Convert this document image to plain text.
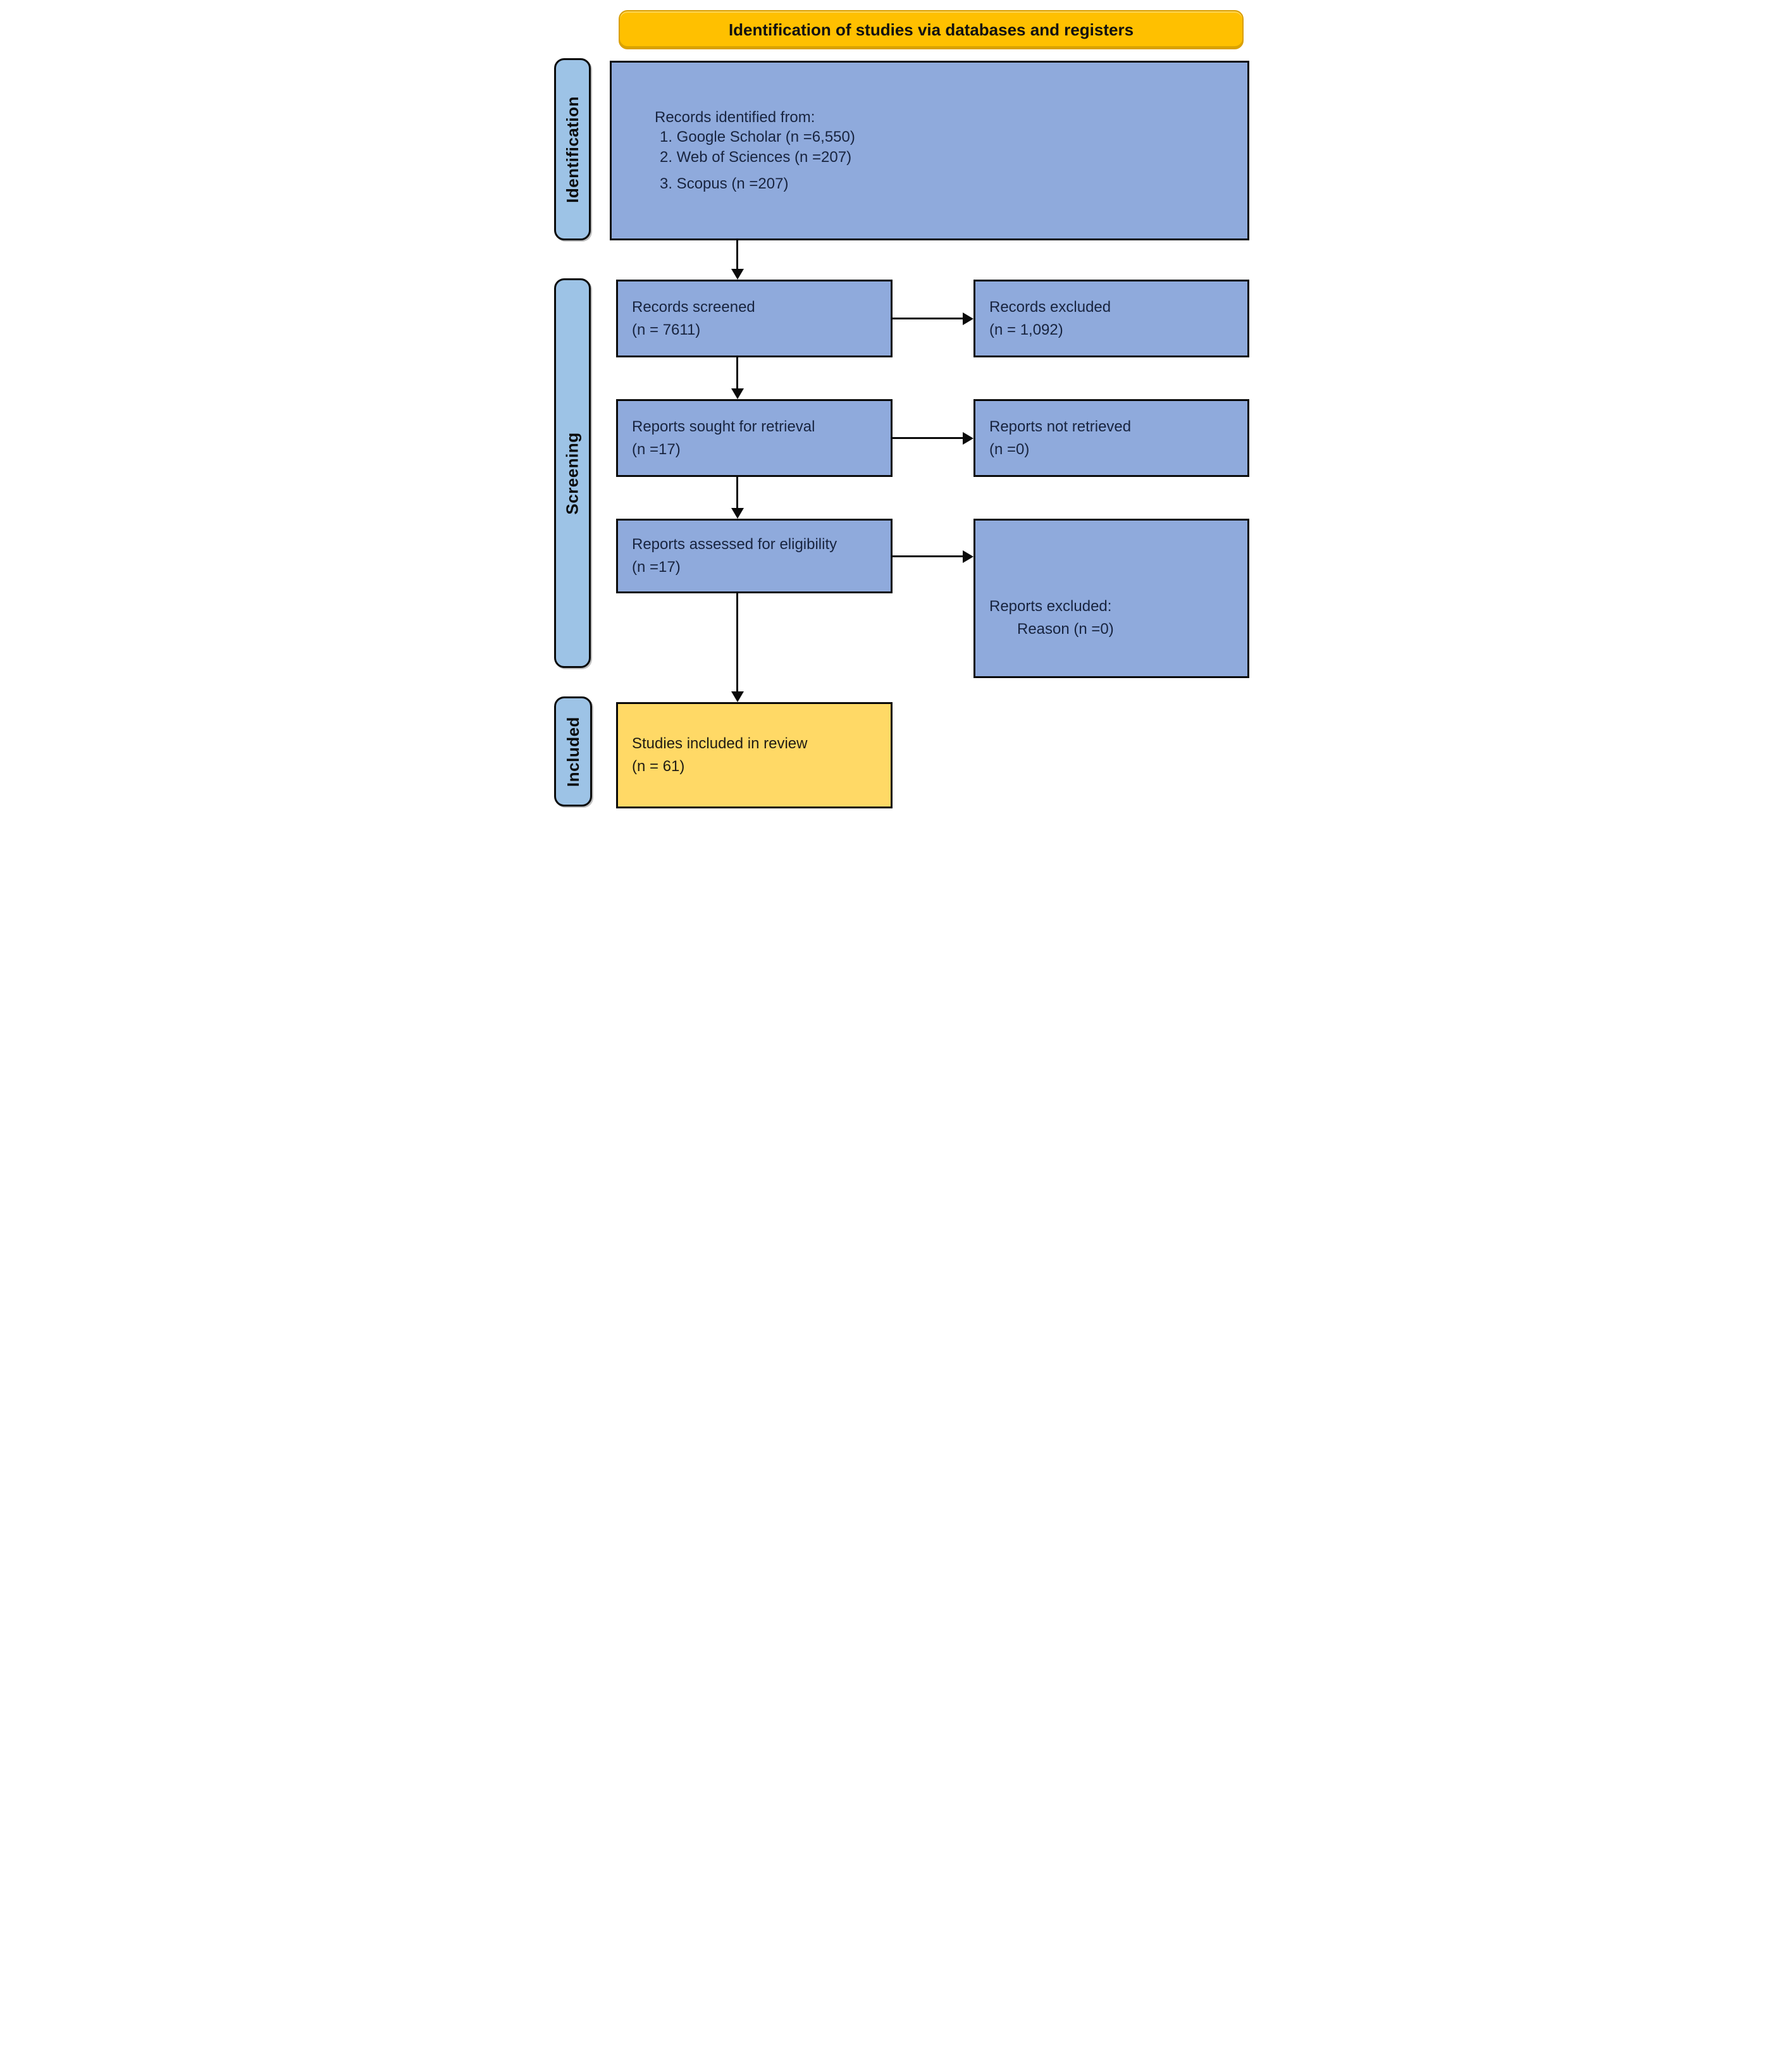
Identification of studies via databases and registers
Identification
Screening
Included
Records identified from:
1. Google Scholar (n =6,550)
2. Web of Sciences (n =207)
3. Scopus (n =207)
Records screened
(n = 7611)
Records excluded
(n = 1,092)
Reports sought for retrieval
(n =17)
Reports not retrieved
(n =0)
Reports assessed for eligibility
(n =17)
Reports excluded:
Reason (n =0)
Studies included in review
(n = 61)
